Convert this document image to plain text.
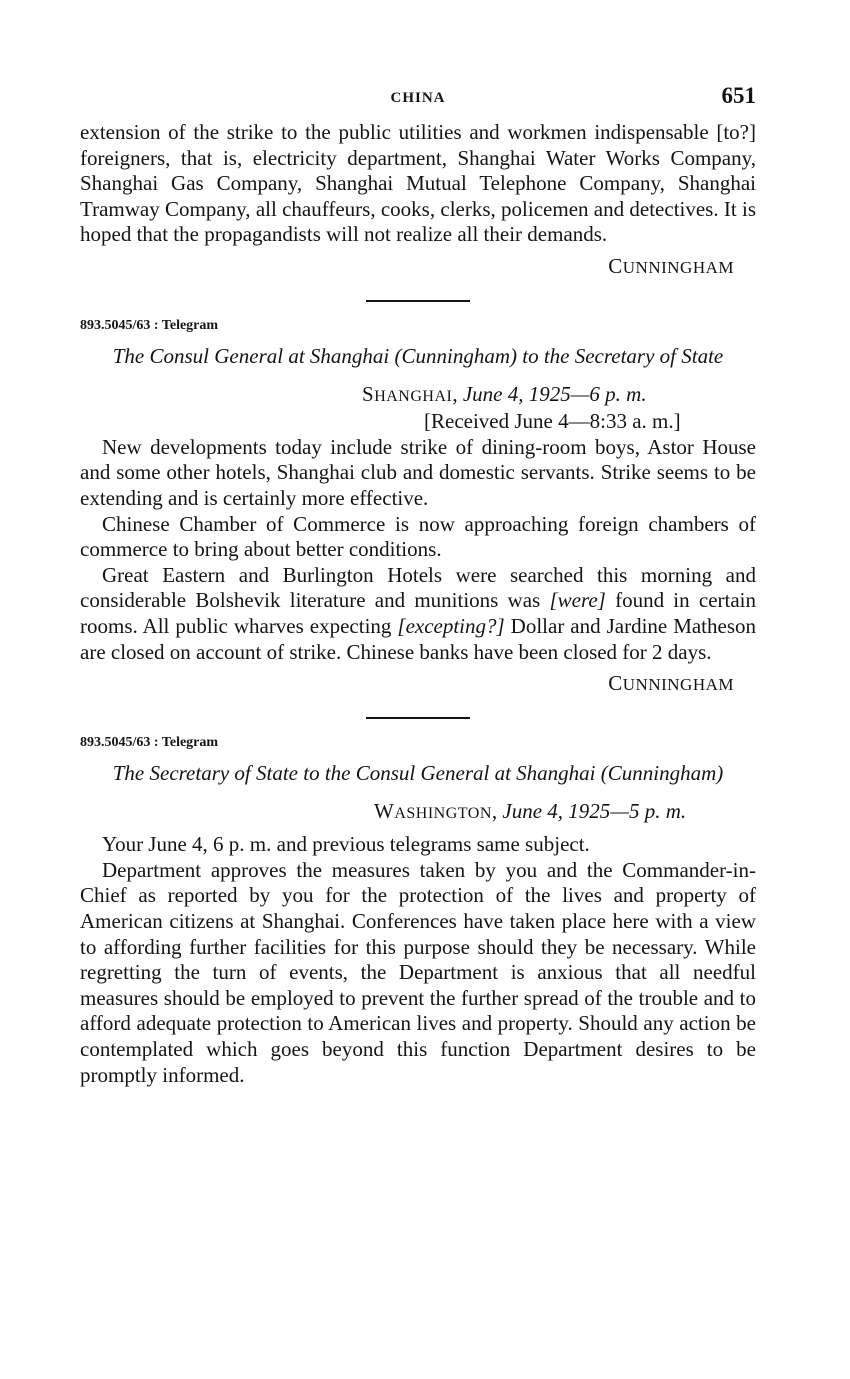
CHINA	651

extension of the strike to the public utilities and workmen indispensable [to?] foreigners, that is, electricity department, Shanghai Water Works Company, Shanghai Gas Company, Shanghai Mutual Telephone Company, Shanghai Tramway Company, all chauffeurs, cooks, clerks, policemen and detectives. It is hoped that the propagandists will not realize all their demands.

CUNNINGHAM
893.5045/63 : Telegram
The Consul General at Shanghai (Cunningham) to the Secretary of State
SHANGHAI, June 4, 1925—6 p. m.
[Received June 4—8:33 a. m.]

New developments today include strike of dining-room boys, Astor House and some other hotels, Shanghai club and domestic servants. Strike seems to be extending and is certainly more effective.

Chinese Chamber of Commerce is now approaching foreign chambers of commerce to bring about better conditions.

Great Eastern and Burlington Hotels were searched this morning and considerable Bolshevik literature and munitions was [were] found in certain rooms. All public wharves expecting [excepting?] Dollar and Jardine Matheson are closed on account of strike. Chinese banks have been closed for 2 days.

CUNNINGHAM
893.5045/63 : Telegram
The Secretary of State to the Consul General at Shanghai (Cunningham)
WASHINGTON, June 4, 1925—5 p. m.

Your June 4, 6 p. m. and previous telegrams same subject.

Department approves the measures taken by you and the Commander-in-Chief as reported by you for the protection of the lives and property of American citizens at Shanghai. Conferences have taken place here with a view to affording further facilities for this purpose should they be necessary. While regretting the turn of events, the Department is anxious that all needful measures should be employed to prevent the further spread of the trouble and to afford adequate protection to American lives and property. Should any action be contemplated which goes beyond this function Department desires to be promptly informed.
